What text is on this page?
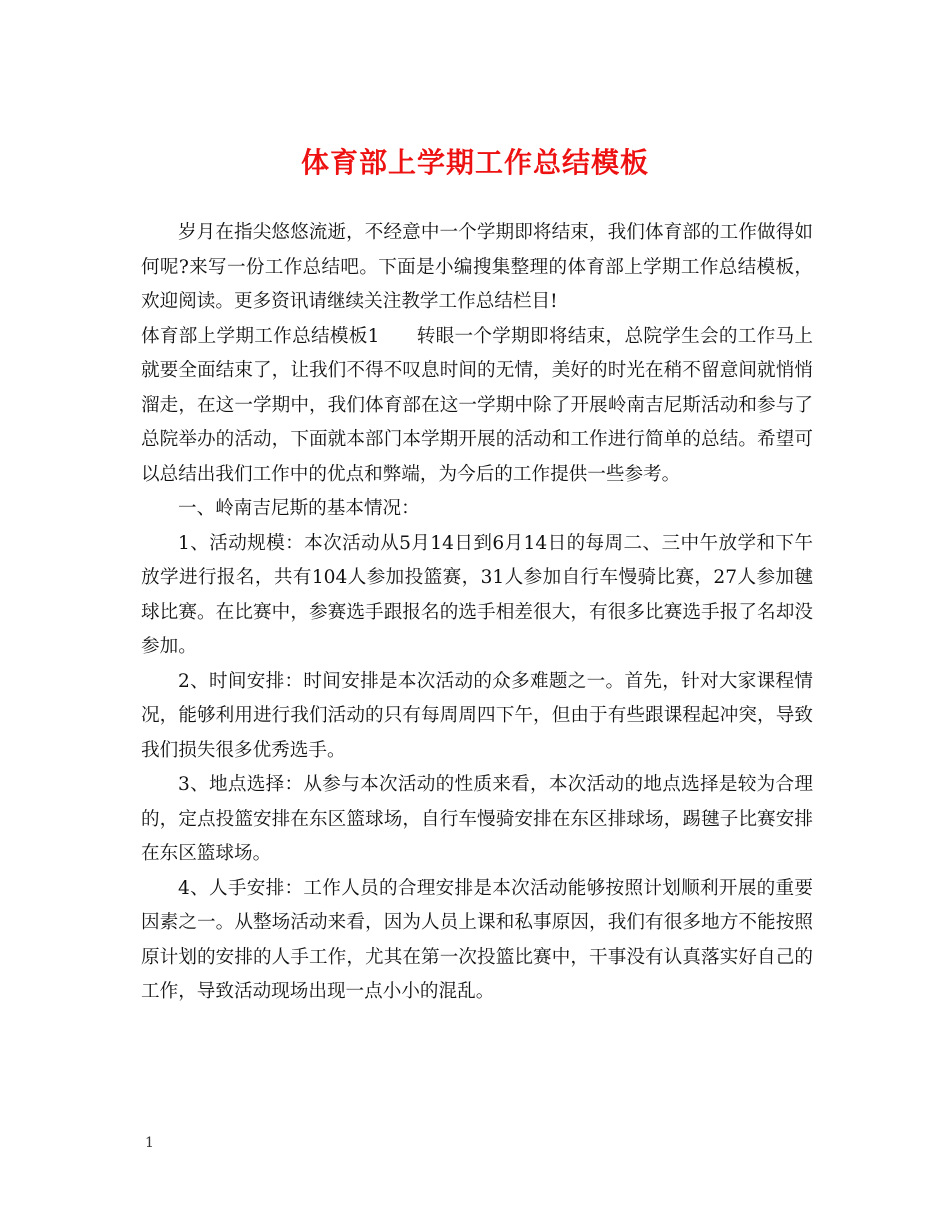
体育部上学期工作总结模板

岁月在指尖悠悠流逝，不经意中一个学期即将结束，我们体育部的工作做得如何呢?来写一份工作总结吧。下面是小编搜集整理的体育部上学期工作总结模板，欢迎阅读。更多资讯请继续关注教学工作总结栏目!

体育部上学期工作总结模板1 转眼一个学期即将结束，总院学生会的工作马上就要全面结束了，让我们不得不叹息时间的无情，美好的时光在稍不留意间就悄悄溜走，在这一学期中，我们体育部在这一学期中除了开展岭南吉尼斯活动和参与了总院举办的活动，下面就本部门本学期开展的活动和工作进行简单的总结。希望可以总结出我们工作中的优点和弊端，为今后的工作提供一些参考。

一、岭南吉尼斯的基本情况：

1、活动规模：本次活动从5月14日到6月14日的每周二、三中午放学和下午放学进行报名，共有104人参加投篮赛，31人参加自行车慢骑比赛，27人参加毽球比赛。在比赛中，参赛选手跟报名的选手相差很大，有很多比赛选手报了名却没参加。

2、时间安排：时间安排是本次活动的众多难题之一。首先，针对大家课程情况，能够利用进行我们活动的只有每周周四下午，但由于有些跟课程起冲突，导致我们损失很多优秀选手。

3、地点选择：从参与本次活动的性质来看，本次活动的地点选择是较为合理的，定点投篮安排在东区篮球场，自行车慢骑安排在东区排球场，踢毽子比赛安排在东区篮球场。

4、人手安排：工作人员的合理安排是本次活动能够按照计划顺利开展的重要因素之一。从整场活动来看，因为人员上课和私事原因，我们有很多地方不能按照原计划的安排的人手工作，尤其在第一次投篮比赛中，干事没有认真落实好自己的工作，导致活动现场出现一点小小的混乱。

1
